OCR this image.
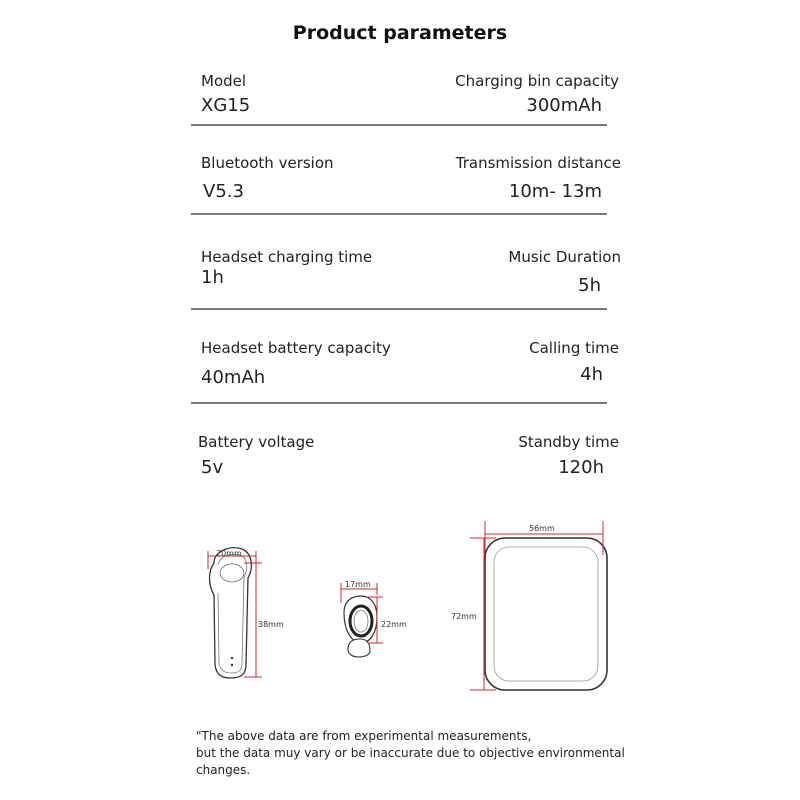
Product parameters
Model
XG15
Charging bin capacity
300mAh
Bluetooth version
V5.3
Transmission distance
10m- 13m
Headset charging time
1h
Music Duration
5h
Headset battery capacity
40mAh
Calling time
4h
Battery voltage
5v
Standby time
120h
20mm
38mm
17mm
22mm
56mm
72mm
"The above data are from experimental measurements,
but the data muy vary or be inaccurate due to objective environmental
changes.
